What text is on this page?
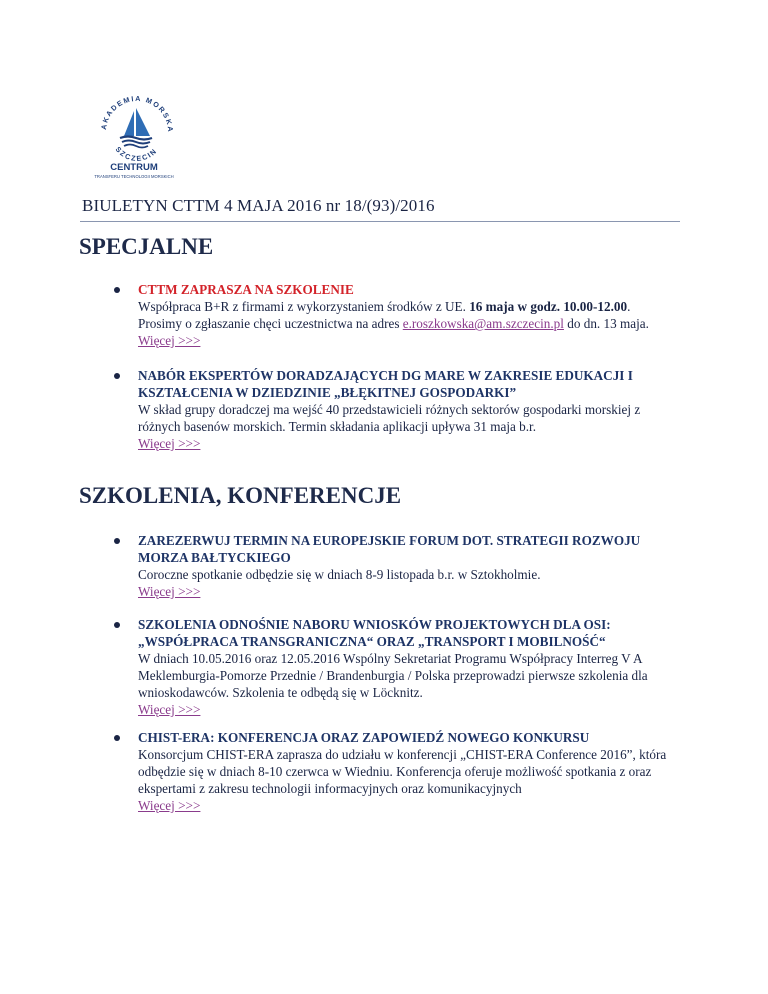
AKADEMIA MORSKA
SZCZECIN
CENTRUM
TRANSFERU TECHNOLOGII MORSKICH
BIULETYN CTTM 4 MAJA 2016 nr 18/(93)/2016
SPECJALNE
CTTM ZAPRASZA NA SZKOLENIE
Współpraca B+R z firmami z wykorzystaniem środków z UE. 16 maja w godz. 10.00-12.00.
Prosimy o zgłaszanie chęci uczestnictwa na adres e.roszkowska@am.szczecin.pl do dn. 13 maja.
Więcej >>>
NABÓR EKSPERTÓW DORADZAJĄCYCH DG MARE W ZAKRESIE EDUKACJI I KSZTAŁCENIA W DZIEDZINIE „BŁĘKITNEJ GOSPODARKI”
W skład grupy doradczej ma wejść 40 przedstawicieli różnych sektorów gospodarki morskiej z różnych basenów morskich. Termin składania aplikacji upływa 31 maja b.r.
Więcej >>>
SZKOLENIA, KONFERENCJE
ZAREZERWUJ TERMIN NA EUROPEJSKIE FORUM DOT. STRATEGII ROZWOJU MORZA BAŁTYCKIEGO
Coroczne spotkanie odbędzie się w dniach 8-9 listopada b.r. w Sztokholmie.
Więcej >>>
SZKOLENIA ODNOŚNIE NABORU WNIOSKÓW PROJEKTOWYCH DLA OSI: „WSPÓŁPRACA TRANSGRANICZNA“ ORAZ „TRANSPORT I MOBILNOŚĆ“
W dniach 10.05.2016 oraz 12.05.2016 Wspólny Sekretariat Programu Współpracy Interreg V A Meklemburgia-Pomorze Przednie / Brandenburgia / Polska przeprowadzi pierwsze szkolenia dla wnioskodawców. Szkolenia te odbędą się w Löcknitz.
Więcej >>>
CHIST-ERA: KONFERENCJA ORAZ ZAPOWIEDŹ NOWEGO KONKURSU
Konsorcjum CHIST-ERA zaprasza do udziału w konferencji „CHIST-ERA Conference 2016”, która odbędzie się w dniach 8-10 czerwca w Wiedniu. Konferencja oferuje możliwość spotkania z oraz ekspertami z zakresu technologii informacyjnych oraz komunikacyjnych
Więcej >>>
